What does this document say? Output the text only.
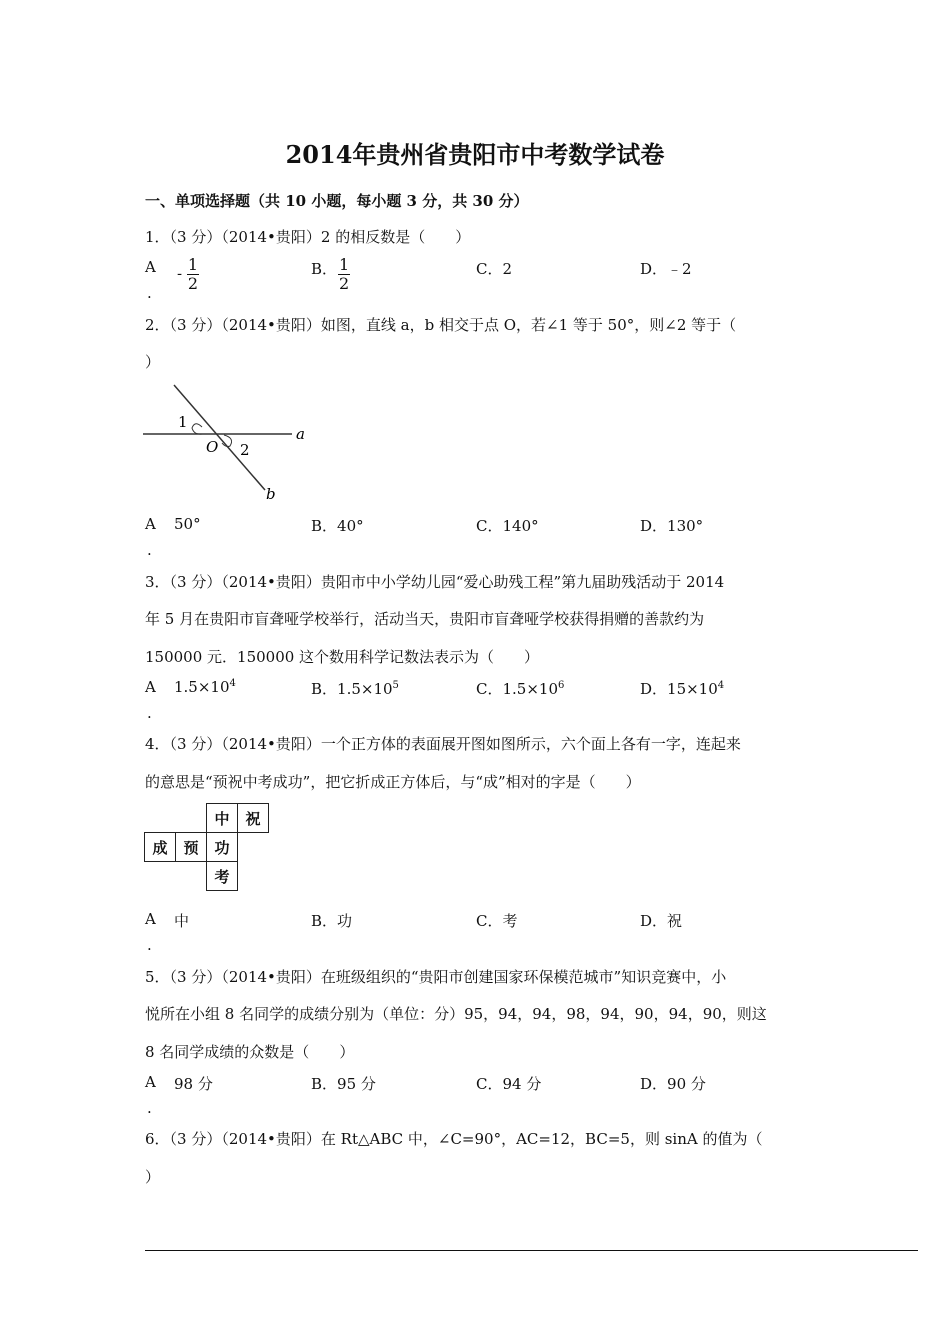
2014年贵州省贵阳市中考数学试卷
一、单项选择题（共 10 小题，每小题 3 分，共 30 分）
1．（3 分）（2014•贵阳）2 的相反数是（　　）
A
.
- $\frac{1}{2}$	B． $\frac{1}{2}$	C．2	D．﹣2
2．（3 分）（2014•贵阳）如图，直线 a，b 相交于点 O，若∠1 等于 50°，则∠2 等于（
）
1
2
O
a
b
A
.
50°	B．40°	C．140°	D．130°
3．（3 分）（2014•贵阳）贵阳市中小学幼儿园“爱心助残工程”第九届助残活动于 2014
年 5 月在贵阳市盲聋哑学校举行，活动当天，贵阳市盲聋哑学校获得捐赠的善款约为
150000 元．150000 这个数用科学记数法表示为（　　）
A
.
$1.5\times 10^4$	B．$1.5\times 10^5$	C．$1.5\times 10^6$	D．$15\times 10^4$
4．（3 分）（2014•贵阳）一个正方体的表面展开图如图所示，六个面上各有一字，连起来
的意思是“预祝中考成功”，把它折成正方体后，与“成”相对的字是（　　）
		中	祝
成	预	功	
		考	
A
.
中	B．功	C．考	D．祝
5．（3 分）（2014•贵阳）在班级组织的“贵阳市创建国家环保模范城市”知识竞赛中，小
悦所在小组 8 名同学的成绩分别为（单位：分）95，94，94，98，94，90，94，90，则这
8 名同学成绩的众数是（　　）
A
.
98 分	B．95 分	C．94 分	D．90 分
6．（3 分）（2014•贵阳）在 Rt△ABC 中，∠C=90°，AC=12，BC=5，则 sinA 的值为（
）
